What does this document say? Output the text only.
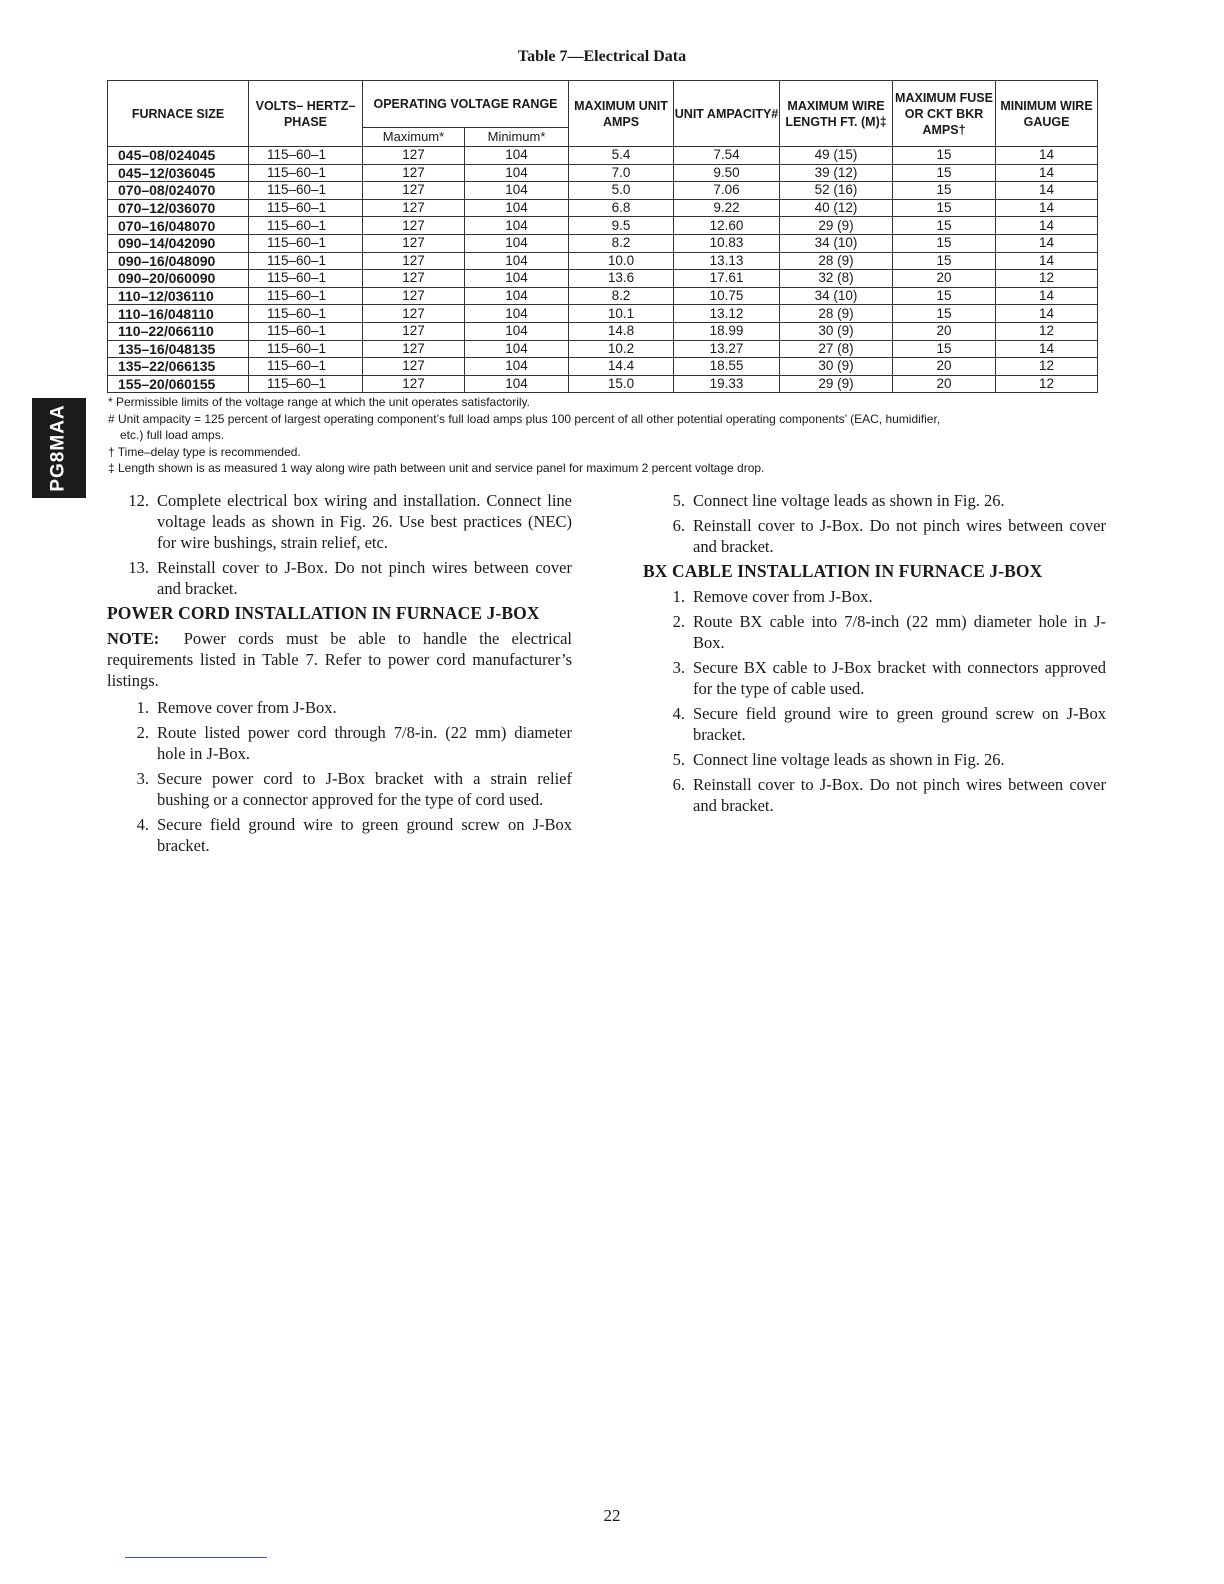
PG8MAA
Table 7—Electrical Data
FURNACE SIZE	VOLTS– HERTZ– PHASE	OPERATING VOLTAGE RANGE		MAXIMUM UNIT AMPS	UNIT AMPACITY#	MAXIMUM WIRE LENGTH FT. (M)‡	MAXIMUM FUSE OR CKT BKR AMPS†	MINIMUM WIRE GAUGE
		Maximum*	Minimum*					
045–08/024045	115–60–1	127	104	5.4	7.54	49 (15)	15	14
045–12/036045	115–60–1	127	104	7.0	9.50	39 (12)	15	14
070–08/024070	115–60–1	127	104	5.0	7.06	52 (16)	15	14
070–12/036070	115–60–1	127	104	6.8	9.22	40 (12)	15	14
070–16/048070	115–60–1	127	104	9.5	12.60	29 (9)	15	14
090–14/042090	115–60–1	127	104	8.2	10.83	34 (10)	15	14
090–16/048090	115–60–1	127	104	10.0	13.13	28 (9)	15	14
090–20/060090	115–60–1	127	104	13.6	17.61	32 (8)	20	12
110–12/036110	115–60–1	127	104	8.2	10.75	34 (10)	15	14
110–16/048110	115–60–1	127	104	10.1	13.12	28 (9)	15	14
110–22/066110	115–60–1	127	104	14.8	18.99	30 (9)	20	12
135–16/048135	115–60–1	127	104	10.2	13.27	27 (8)	15	14
135–22/066135	115–60–1	127	104	14.4	18.55	30 (9)	20	12
155–20/060155	115–60–1	127	104	15.0	19.33	29 (9)	20	12

* Permissible limits of the voltage range at which the unit operates satisfactorily.

# Unit ampacity = 125 percent of largest operating component’s full load amps plus 100 percent of all other potential operating components’ (EAC, humidifier,

etc.) full load amps.

† Time–delay type is recommended.

‡ Length shown is as measured 1 way along wire path between unit and service panel for maximum 2 percent voltage drop.

12. Complete electrical box wiring and installation. Connect line voltage leads as shown in Fig. 26. Use best practices (NEC) for wire bushings, strain relief, etc.
13. Reinstall cover to J-Box. Do not pinch wires between cover and bracket.
POWER CORD INSTALLATION IN FURNACE J-BOX

NOTE: Power cords must be able to handle the electrical requirements listed in Table 7. Refer to power cord manufacturer’s listings.

1. Remove cover from J-Box.
2. Route listed power cord through 7/8-in. (22 mm) diameter hole in J-Box.
3. Secure power cord to J-Box bracket with a strain relief bushing or a connector approved for the type of cord used.
4. Secure field ground wire to green ground screw on J-Box bracket.
5. Connect line voltage leads as shown in Fig. 26.
6. Reinstall cover to J-Box. Do not pinch wires between cover and bracket.
BX CABLE INSTALLATION IN FURNACE J-BOX
1. Remove cover from J-Box.
2. Route BX cable into 7/8-inch (22 mm) diameter hole in J-Box.
3. Secure BX cable to J-Box bracket with connectors approved for the type of cable used.
4. Secure field ground wire to green ground screw on J-Box bracket.
5. Connect line voltage leads as shown in Fig. 26.
6. Reinstall cover to J-Box. Do not pinch wires between cover and bracket.
22
